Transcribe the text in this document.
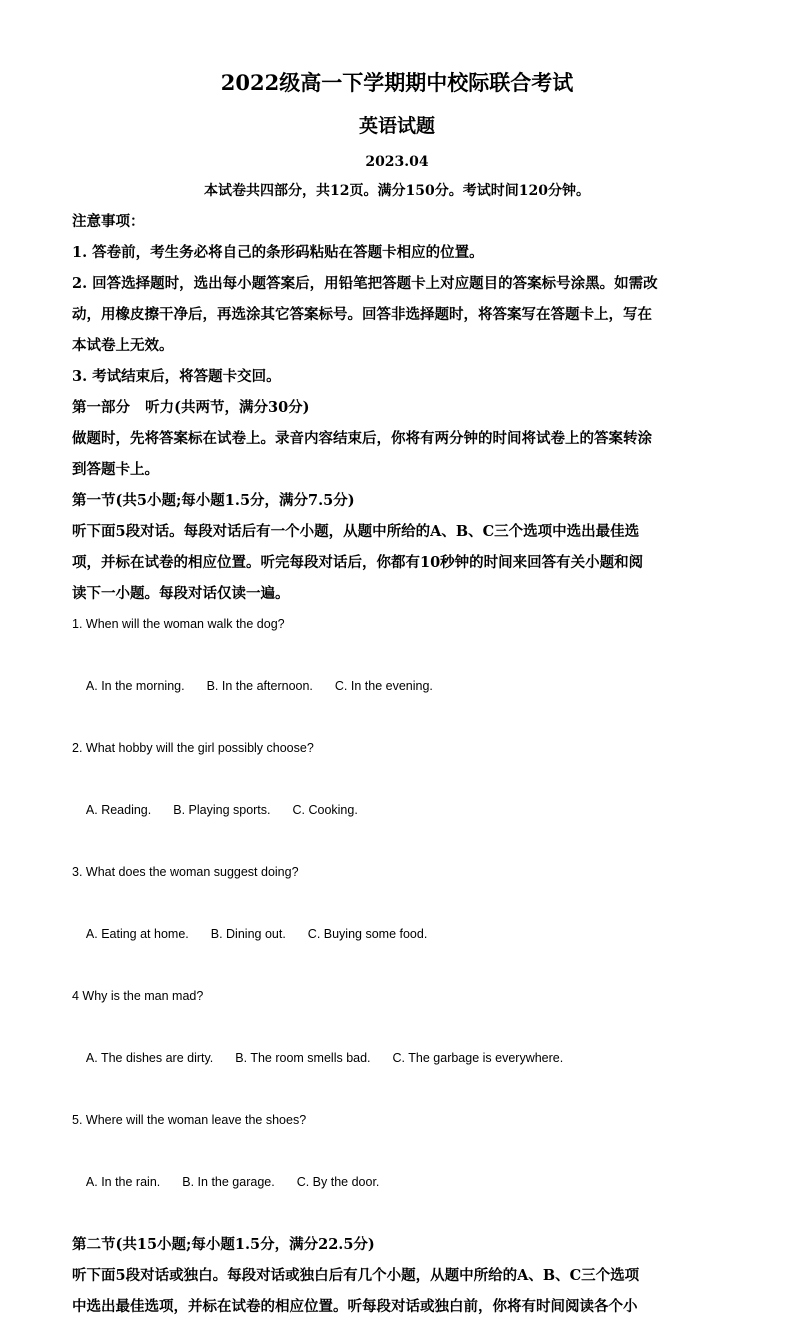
2022级高一下学期期中校际联合考试
英语试题
2023.04
本试卷共四部分，共12页。满分150分。考试时间120分钟。

注意事项：

1. 答卷前，考生务必将自己的条形码粘贴在答题卡相应的位置。

2. 回答选择题时，选出每小题答案后，用铅笔把答题卡上对应题目的答案标号涂黑。如需改

动，用橡皮擦干净后，再选涂其它答案标号。回答非选择题时，将答案写在答题卡上，写在

本试卷上无效。

3. 考试结束后，将答题卡交回。

第一部分   听力(共两节，满分30分)

做题时，先将答案标在试卷上。录音内容结束后，你将有两分钟的时间将试卷上的答案转涂

到答题卡上。

第一节(共5小题;每小题1.5分，满分7.5分)

听下面5段对话。每段对话后有一个小题，从题中所给的A、B、C三个选项中选出最佳选

项，并标在试卷的相应位置。听完每段对话后，你都有10秒钟的时间来回答有关小题和阅

读下一小题。每段对话仅读一遍。

1. When will the woman walk the dog?

A. In the morning. B. In the afternoon. C. In the evening.

2. What hobby will the girl possibly choose?

A. Reading. B. Playing sports. C. Cooking.

3. What does the woman suggest doing?

A. Eating at home. B. Dining out. C. Buying some food.

4 Why is the man mad?

A. The dishes are dirty. B. The room smells bad. C. The garbage is everywhere.

5. Where will the woman leave the shoes?

A. In the rain. B. In the garage. C. By the door.

第二节(共15小题;每小题1.5分，满分22.5分)

听下面5段对话或独白。每段对话或独白后有几个小题，从题中所给的A、B、C三个选项

中选出最佳选项，并标在试卷的相应位置。听每段对话或独白前，你将有时间阅读各个小
